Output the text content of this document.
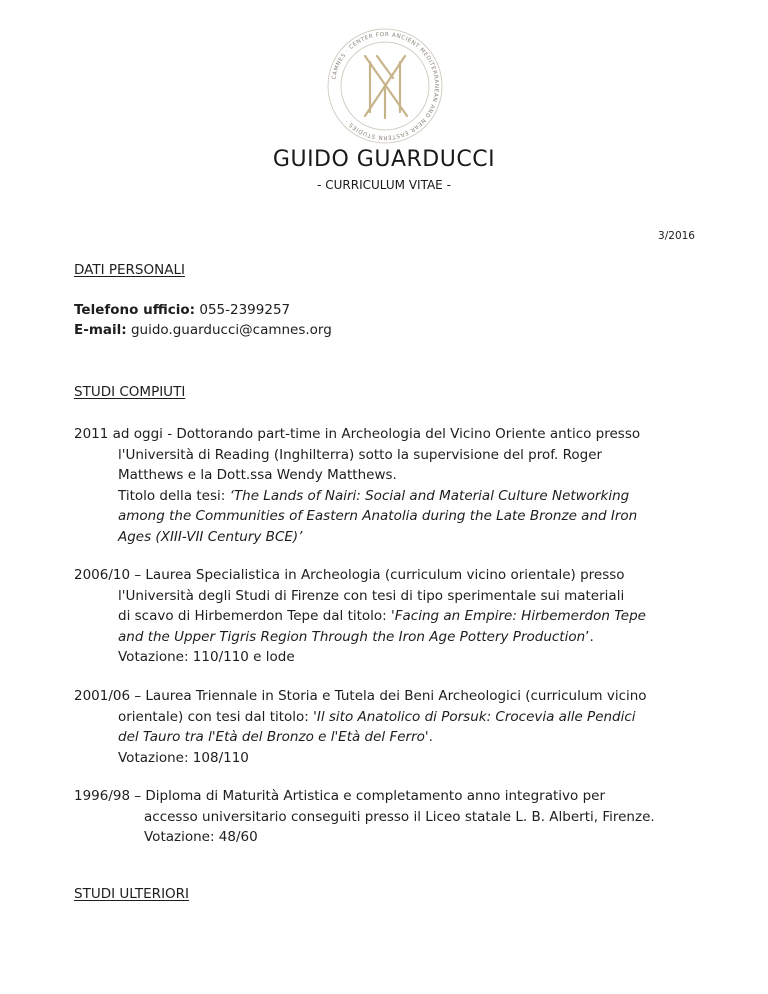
CAMNES · CENTER FOR ANCIENT MEDITERRANEAN AND NEAR EASTERN STUDIES ·
GUIDO GUARDUCCI
- CURRICULUM VITAE -
3/2016
DATI PERSONALI
Telefono ufficio: 055-2399257
E-mail: guido.guarducci@camnes.org
STUDI COMPIUTI
2011 ad oggi - Dottorando part-time in Archeologia del Vicino Oriente antico presso
l'Università di Reading (Inghilterra) sotto la supervisione del prof. Roger
Matthews e la Dott.ssa Wendy Matthews.
Titolo della tesi: ‘The Lands of Nairi: Social and Material Culture Networking
among the Communities of Eastern Anatolia during the Late Bronze and Iron
Ages (XIII-VII Century BCE)’
2006/10 – Laurea Specialistica in Archeologia (curriculum vicino orientale) presso
l'Università degli Studi di Firenze con tesi di tipo sperimentale sui materiali
di scavo di Hirbemerdon Tepe dal titolo: 'Facing an Empire: Hirbemerdon Tepe
and the Upper Tigris Region Through the Iron Age Pottery Production’.
Votazione: 110/110 e lode
2001/06 – Laurea Triennale in Storia e Tutela dei Beni Archeologici (curriculum vicino
orientale) con tesi dal titolo: 'Il sito Anatolico di Porsuk: Crocevia alle Pendici
del Tauro tra l'Età del Bronzo e l'Età del Ferro'.
Votazione: 108/110
1996/98 – Diploma di Maturità Artistica e completamento anno integrativo per
accesso universitario conseguiti presso il Liceo statale L. B. Alberti, Firenze.
Votazione: 48/60
STUDI ULTERIORI
